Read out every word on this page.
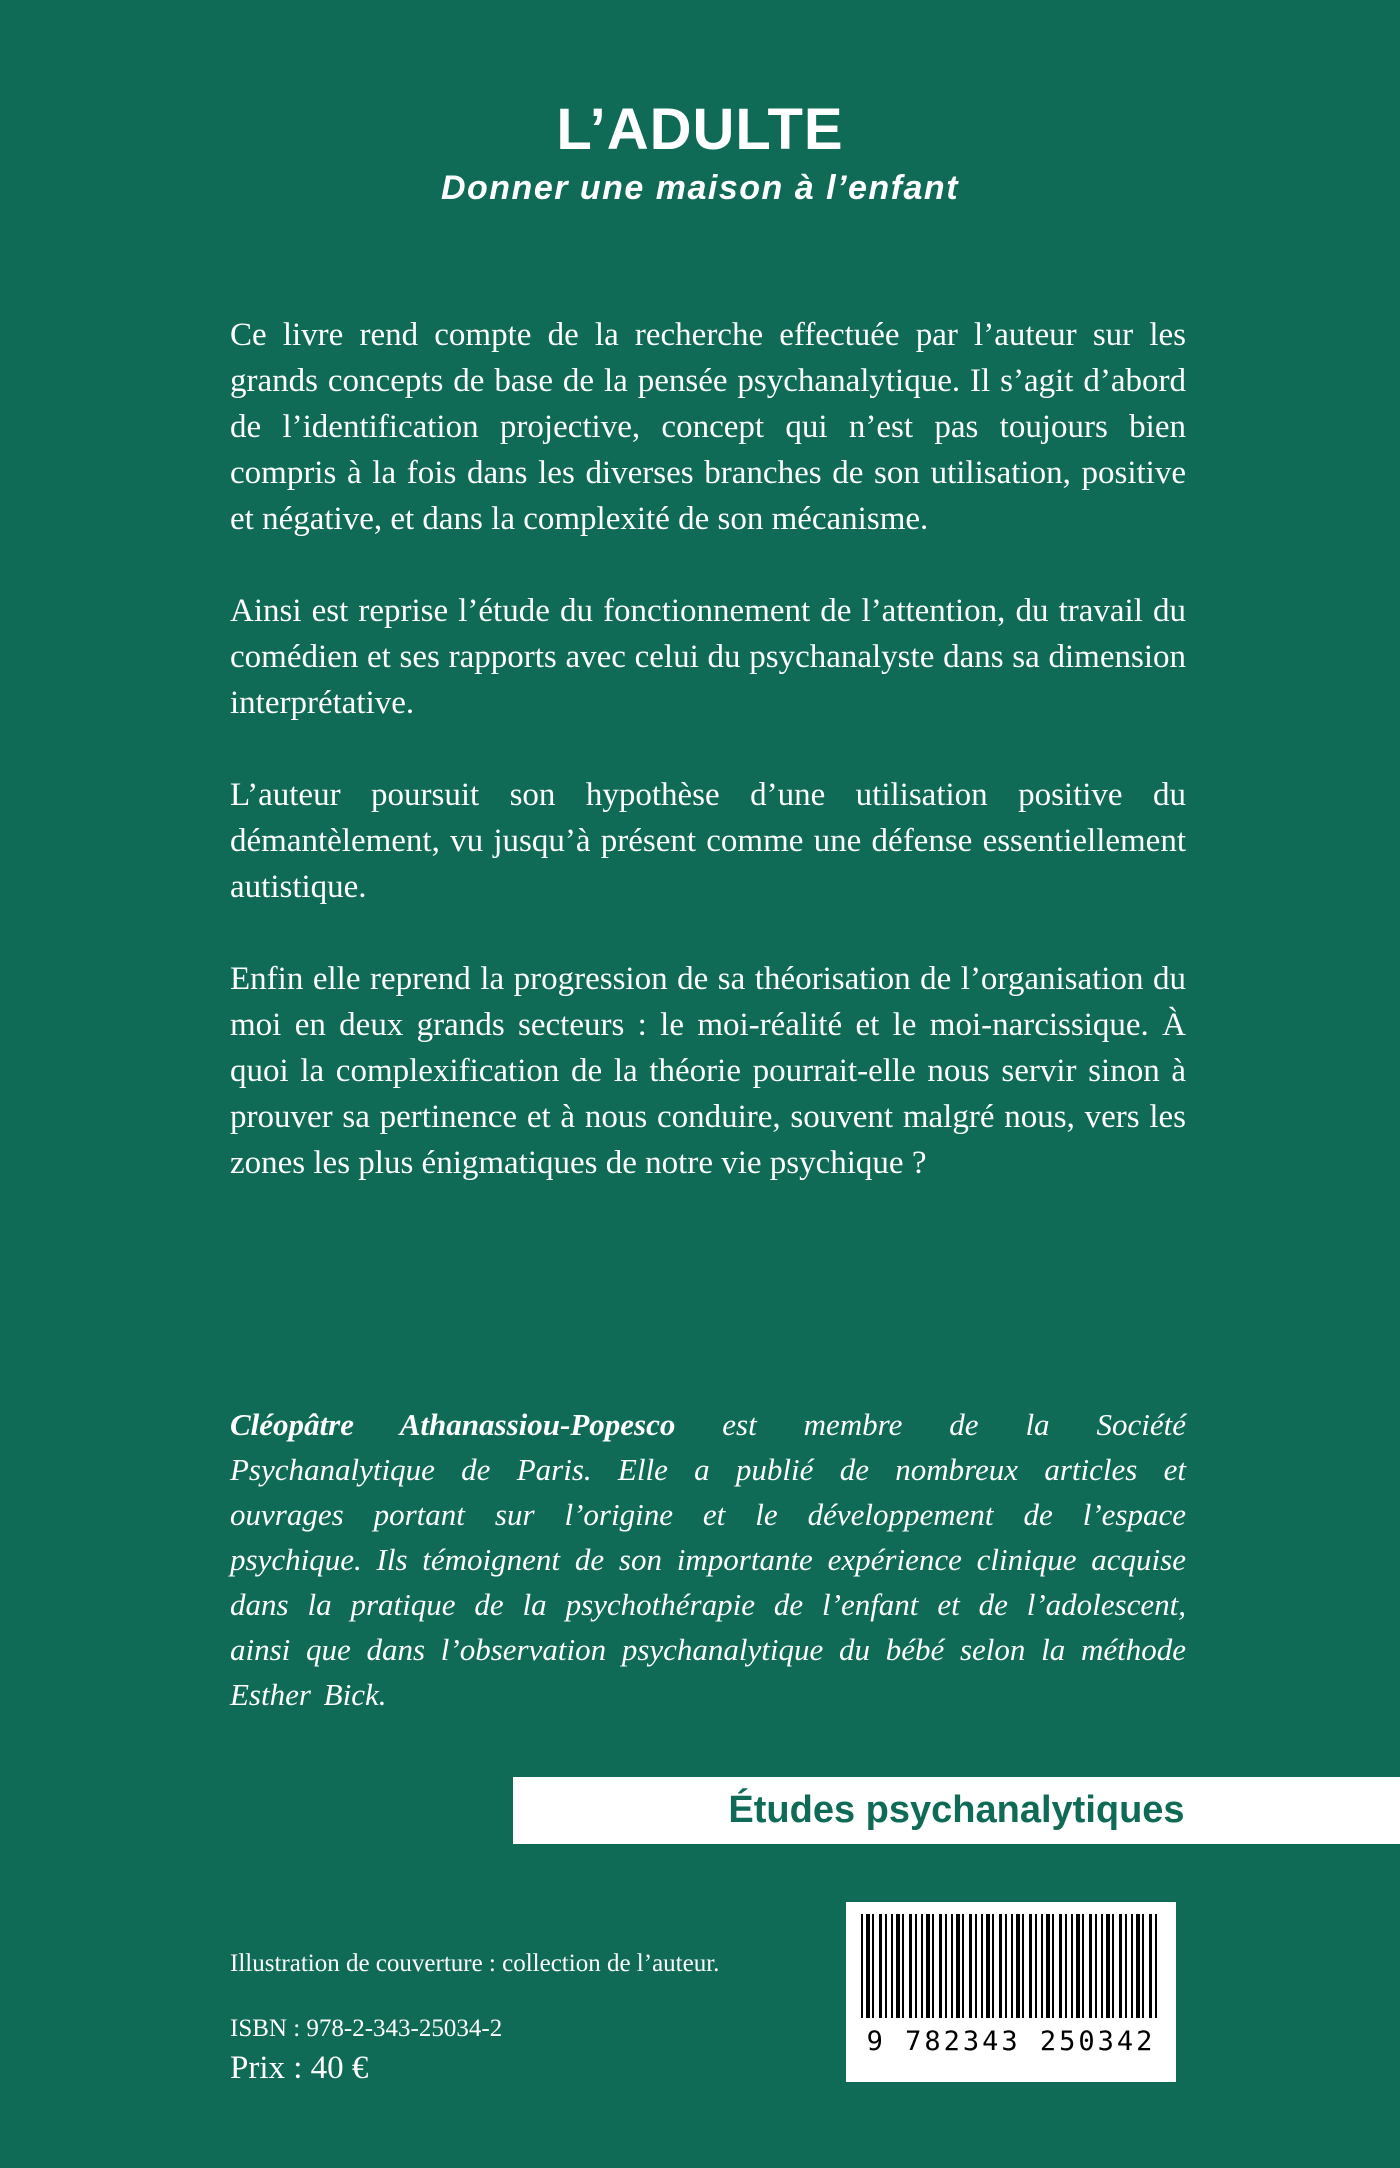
L’ADULTE
Donner une maison à l’enfant

Ce livre rend compte de la recherche effectuée par l’auteur sur les grands concepts de base de la pensée psychanalytique. Il s’agit d’abord de l’identification projective, concept qui n’est pas toujours bien compris à la fois dans les diverses branches de son utilisation, positive et négative, et dans la complexité de son mécanisme.

Ainsi est reprise l’étude du fonctionnement de l’attention, du travail du comédien et ses rapports avec celui du psychanalyste dans sa dimension interprétative.

L’auteur poursuit son hypothèse d’une utilisation positive du démantèlement, vu jusqu’à présent comme une défense essentiellement autistique.

Enfin elle reprend la progression de sa théorisation de l’organisation du moi en deux grands secteurs : le moi-réalité et le moi-narcissique. À quoi la complexification de la théorie pourrait-elle nous servir sinon à prouver sa pertinence et à nous conduire, souvent malgré nous, vers les zones les plus énigmatiques de notre vie psychique ?

Cléopâtre Athanassiou-Popesco est membre de la Société Psychanalytique de Paris. Elle a publié de nombreux articles et ouvrages portant sur l’origine et le développement de l’espace psychique. Ils témoignent de son importante expérience clinique acquise dans la pratique de la psychothérapie de l’enfant et de l’adolescent, ainsi que dans l’observation psychanalytique du bébé selon la méthode Esther Bick.

Études psychanalytiques

Illustration de couverture : collection de l’auteur.

ISBN : 978-2-343-25034-2

Prix : 40 €

9 782343 250342
